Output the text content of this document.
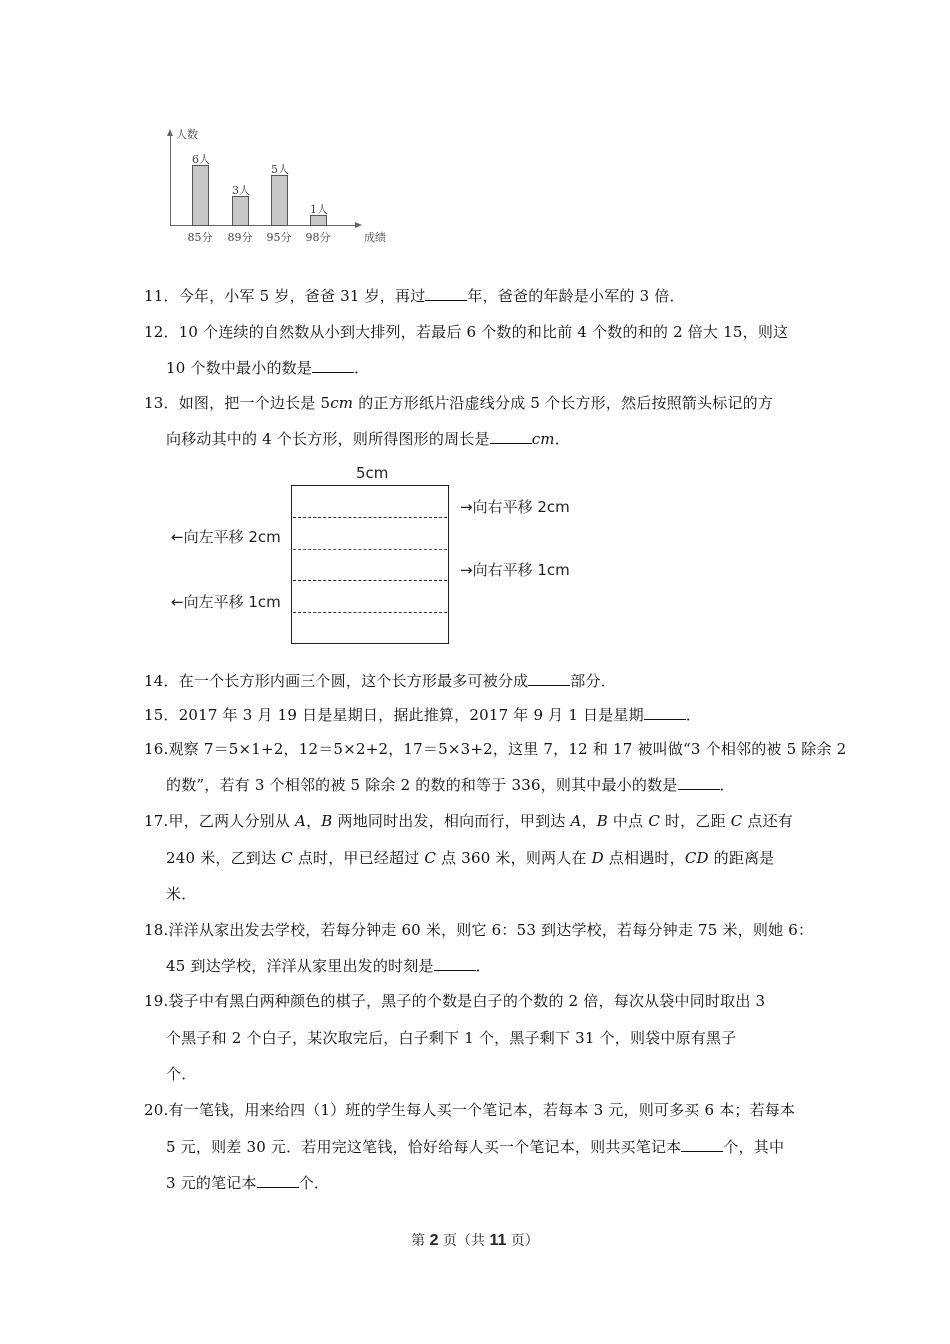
人数
成绩
6人
85分
3人
89分
5人
95分
1人
98分
11．今年，小军 5 岁，爸爸 31 岁，再过	年，爸爸的年龄是小军的 3 倍．
12．10 个连续的自然数从小到大排列，若最后 6 个数的和比前 4 个数的和的 2 倍大 15，则这
10 个数中最小的数是	．
13．如图，把一个边长是 5cm 的正方形纸片沿虚线分成 5 个长方形，然后按照箭头标记的方
向移动其中的 4 个长方形，则所得图形的周长是	cm．
5cm
→向右平移 2cm
→向右平移 1cm
←向左平移 2cm
←向左平移 1cm
14．在一个长方形内画三个圆，这个长方形最多可被分成	部分．
15．2017 年 3 月 19 日是星期日，据此推算，2017 年 9 月 1 日是星期	．
16.观察 7＝5×1+2，12＝5×2+2，17＝5×3+2，这里 7，12 和 17 被叫做“3 个相邻的被 5 除余 2
的数”，若有 3 个相邻的被 5 除余 2 的数的和等于 336，则其中最小的数是	．
17.甲，乙两人分别从 A，B 两地同时出发，相向而行，甲到达 A，B 中点 C 时，乙距 C 点还有
240 米，乙到达 C 点时，甲已经超过 C 点 360 米，则两人在 D 点相遇时，CD 的距离是
米．
18.洋洋从家出发去学校，若每分钟走 60 米，则它 6：53 到达学校，若每分钟走 75 米，则她 6：
45 到达学校，洋洋从家里出发的时刻是	．
19.袋子中有黑白两种颜色的棋子，黑子的个数是白子的个数的 2 倍，每次从袋中同时取出 3
个黑子和 2 个白子，某次取完后，白子剩下 1 个，黑子剩下 31 个，则袋中原有黑子
个．
20.有一笔钱，用来给四（1）班的学生每人买一个笔记本，若每本 3 元，则可多买 6 本；若每本
5 元，则差 30 元．若用完这笔钱，恰好给每人买一个笔记本，则共买笔记本	个，其中
3 元的笔记本	个．
第 2 页（共 11 页）
